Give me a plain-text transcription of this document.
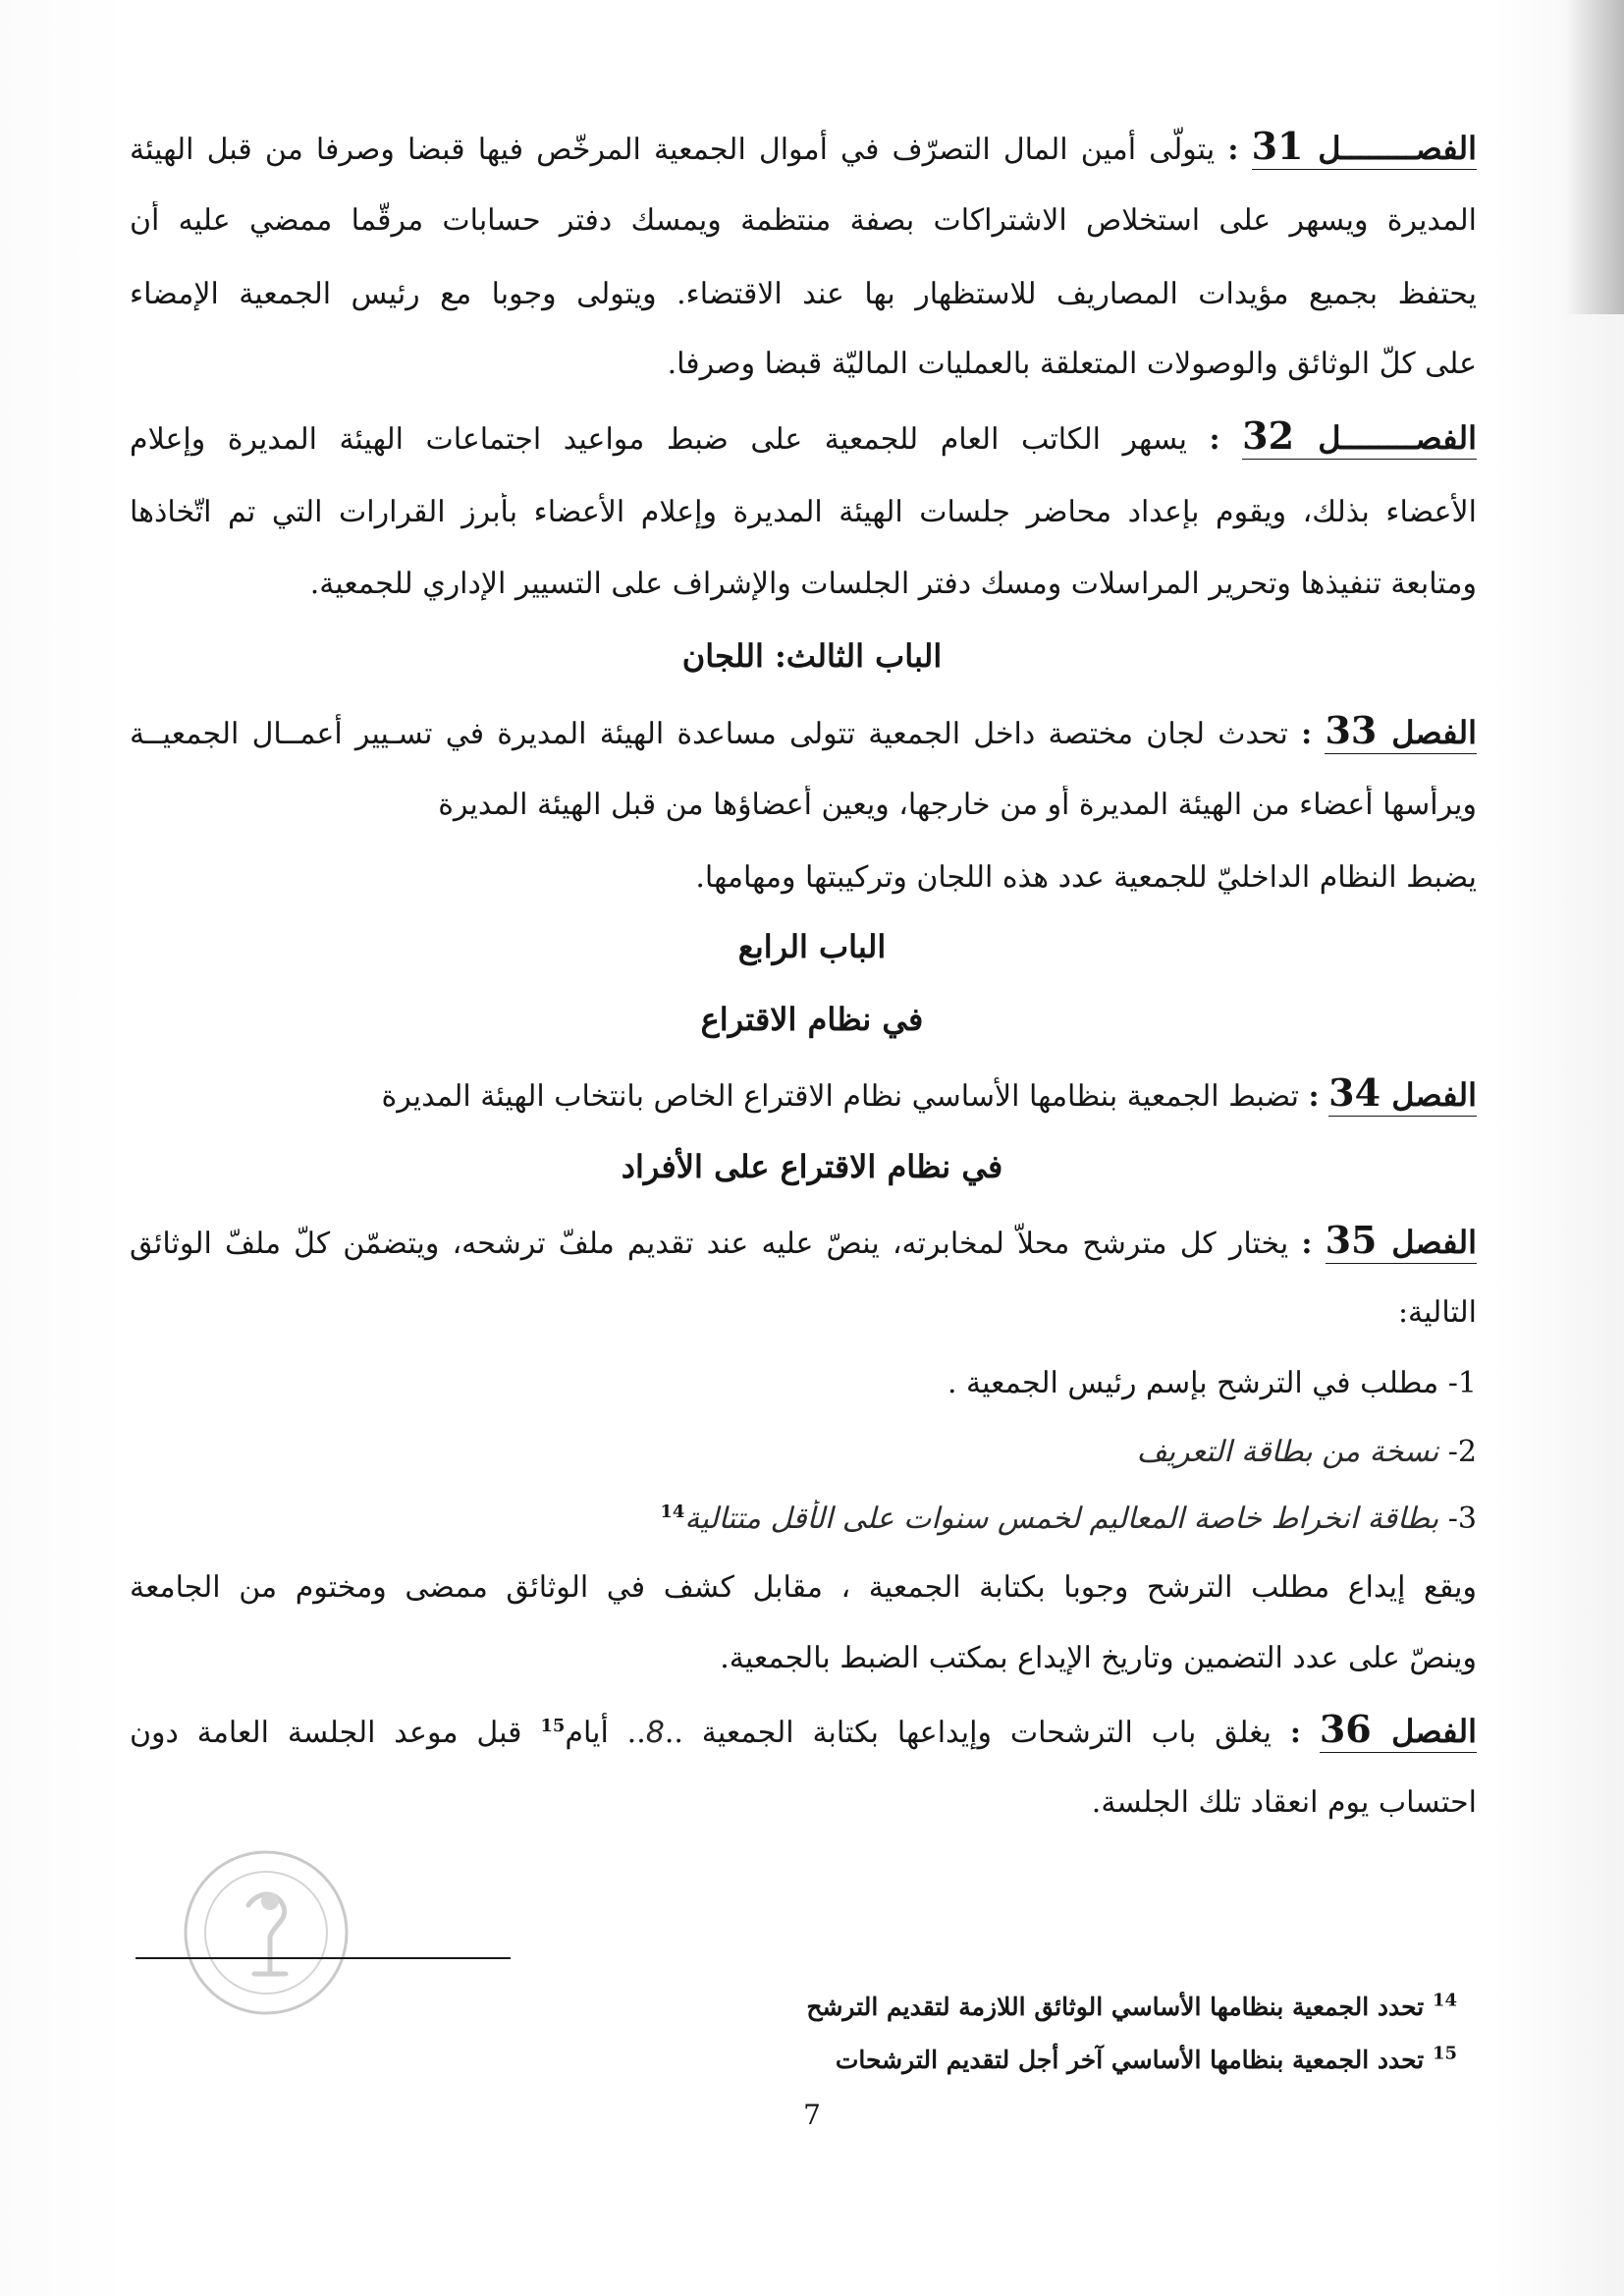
الفصــــــــل 31 : يتولّى أمين المال التصرّف في أموال الجمعية المرخّص فيها قبضا وصرفا من قبل الهيئة
المديرة ويسهر على استخلاص الاشتراكات بصفة منتظمة ويمسك دفتر حسابات مرقّما ممضي عليه أن
يحتفظ بجميع مؤيدات المصاريف للاستظهار بها عند الاقتضاء. ويتولى وجوبا مع رئيس الجمعية الإمضاء
على كلّ الوثائق والوصولات المتعلقة بالعمليات الماليّة قبضا وصرفا.
الفصــــــــل 32 : يسهر الكاتب العام للجمعية على ضبط مواعيد اجتماعات الهيئة المديرة وإعلام
الأعضاء بذلك، ويقوم بإعداد محاضر جلسات الهيئة المديرة وإعلام الأعضاء بأبرز القرارات التي تم اتّخاذها
ومتابعة تنفيذها وتحرير المراسلات ومسك دفتر الجلسات والإشراف على التسيير الإداري للجمعية.
الباب الثالث: اللجان
الفصل 33 : تحدث لجان مختصة داخل الجمعية تتولى مساعدة الهيئة المديرة في تسـيير أعمــال الجمعيــة
ويرأسها أعضاء من الهيئة المديرة أو من خارجها، ويعين أعضاؤها من قبل الهيئة المديرة
يضبط النظام الداخليّ للجمعية عدد هذه اللجان وتركيبتها ومهامها.
الباب الرابع
في نظام الاقتراع
الفصل 34 : تضبط الجمعية بنظامها الأساسي نظام الاقتراع الخاص بانتخاب الهيئة المديرة
في نظام الاقتراع على الأفراد
الفصل 35 : يختار كل مترشح محلاّ لمخابرته، ينصّ عليه عند تقديم ملفّ ترشحه، ويتضمّن كلّ ملفّ الوثائق
التالية:
1- مطلب في الترشح بإسم رئيس الجمعية .
2- نسخة من بطاقة التعريف
3- بطاقة انخراط خاصة المعاليم لخمس سنوات على الأقل متتالية$^{14}$
ويقع إيداع مطلب الترشح وجوبا بكتابة الجمعية ، مقابل كشف في الوثائق ممضى ومختوم من الجامعة
وينصّ على عدد التضمين وتاريخ الإيداع بمكتب الضبط بالجمعية.
الفصل 36 : يغلق باب الترشحات وإيداعها بكتابة الجمعية ..8.. أيام$^{15}$ قبل موعد الجلسة العامة دون
احتساب يوم انعقاد تلك الجلسة.
$^{14}$ تحدد الجمعية بنظامها الأساسي الوثائق اللازمة لتقديم الترشح
$^{15}$ تحدد الجمعية بنظامها الأساسي آخر أجل لتقديم الترشحات
7
